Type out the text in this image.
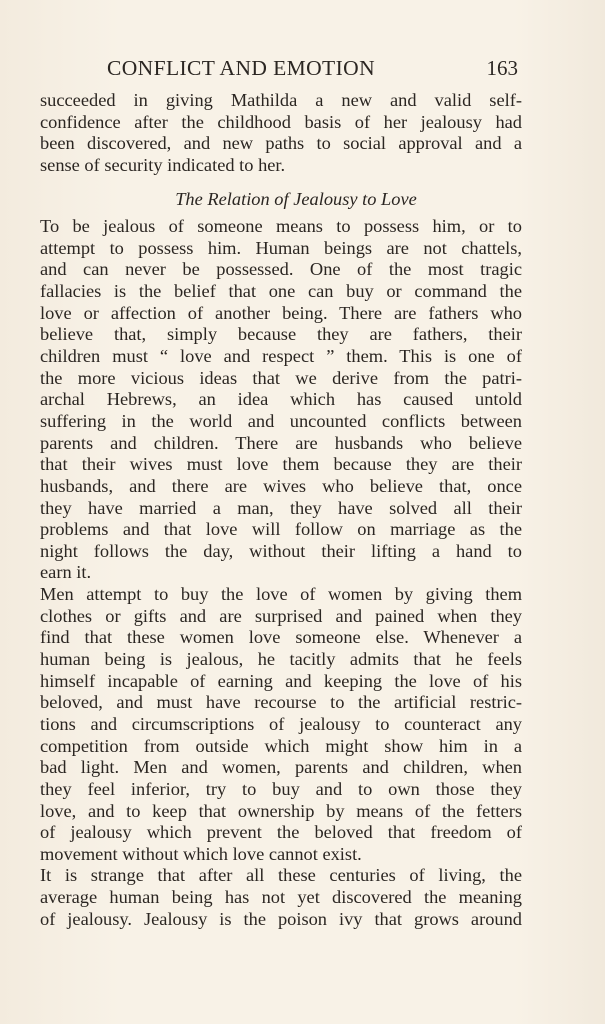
CONFLICT AND EMOTION	163
succeeded in giving Mathilda a new and valid self-
confidence after the childhood basis of her jealousy had
been discovered, and new paths to social approval and a
sense of security indicated to her.
The Relation of Jealousy to Love
To be jealous of someone means to possess him, or to
attempt to possess him. Human beings are not chattels,
and can never be possessed. One of the most tragic
fallacies is the belief that one can buy or command the
love or affection of another being. There are fathers who
believe that, simply because they are fathers, their
children must “ love and respect ” them. This is one of
the more vicious ideas that we derive from the patri-
archal Hebrews, an idea which has caused untold
suffering in the world and uncounted conflicts between
parents and children. There are husbands who believe
that their wives must love them because they are their
husbands, and there are wives who believe that, once
they have married a man, they have solved all their
problems and that love will follow on marriage as the
night follows the day, without their lifting a hand to
earn it.
Men attempt to buy the love of women by giving them
clothes or gifts and are surprised and pained when they
find that these women love someone else. Whenever a
human being is jealous, he tacitly admits that he feels
himself incapable of earning and keeping the love of his
beloved, and must have recourse to the artificial restric-
tions and circumscriptions of jealousy to counteract any
competition from outside which might show him in a
bad light. Men and women, parents and children, when
they feel inferior, try to buy and to own those they
love, and to keep that ownership by means of the fetters
of jealousy which prevent the beloved that freedom of
movement without which love cannot exist.
It is strange that after all these centuries of living, the
average human being has not yet discovered the meaning
of jealousy. Jealousy is the poison ivy that grows around
